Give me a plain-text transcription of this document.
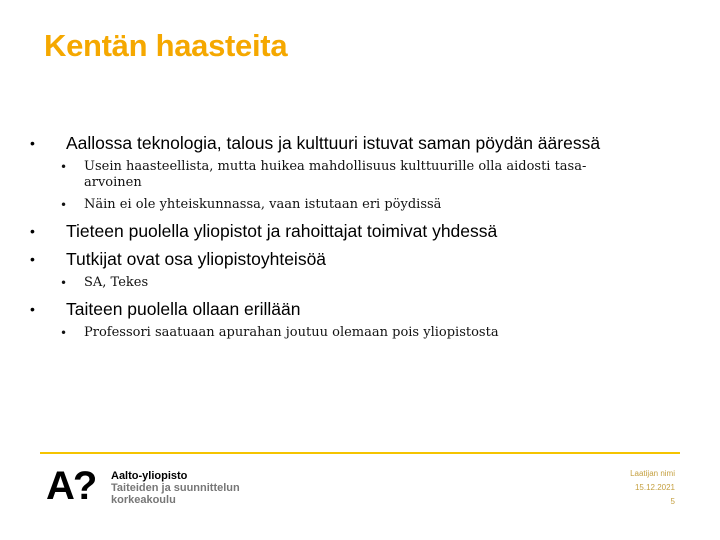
Kentän haasteita
•	Aallossa teknologia, talous ja kulttuuri istuvat saman pöydän ääressä
•	Usein haasteellista, mutta huikea mahdollisuus kulttuurille olla aidosti tasa-arvoinen
•	Näin ei ole yhteiskunnassa, vaan istutaan eri pöydissä
•	Tieteen puolella yliopistot ja rahoittajat toimivat yhdessä
•	Tutkijat ovat osa yliopistoyhteisöä
•	SA, Tekes
•	Taiteen puolella ollaan erillään
•	Professori saatuaan apurahan joutuu olemaan pois yliopistosta
A?	Aalto-yliopisto
Taiteiden ja suunnittelun
korkeakoulu
Laatijan nimi
15.12.2021
5
